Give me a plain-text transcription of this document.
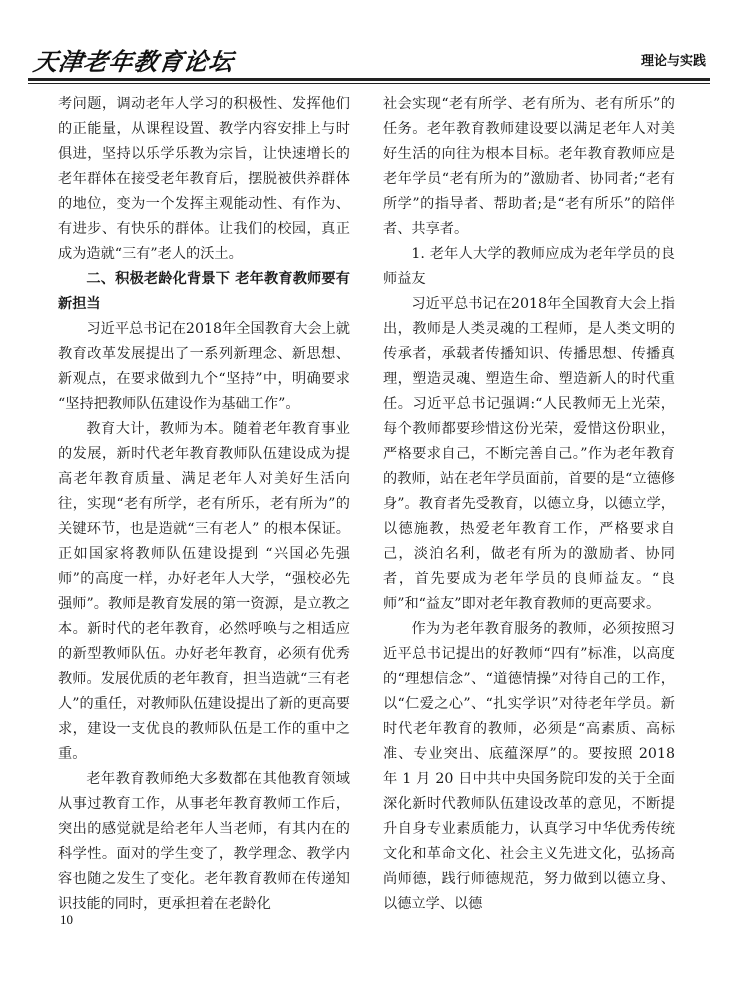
天津老年教育论坛	理论与实践

考问题，调动老年人学习的积极性、发挥他们的正能量，从课程设置、教学内容安排上与时俱进，坚持以乐学乐教为宗旨，让快速增长的老年群体在接受老年教育后，摆脱被供养群体的地位，变为一个发挥主观能动性、有作为、有进步、有快乐的群体。让我们的校园，真正成为造就“三有”老人的沃土。

二、积极老龄化背景下 老年教育教师要有新担当

习近平总书记在2018年全国教育大会上就教育改革发展提出了一系列新理念、新思想、新观点，在要求做到九个“坚持”中，明确要求 “坚持把教师队伍建设作为基础工作”。

教育大计，教师为本。随着老年教育事业的发展，新时代老年教育教师队伍建设成为提高老年教育质量、满足老年人对美好生活向往，实现“老有所学，老有所乐，老有所为”的关键环节，也是造就“三有老人” 的根本保证。正如国家将教师队伍建设提到 “兴国必先强师”的高度一样，办好老年人大学，“强校必先强师”。教师是教育发展的第一资源，是立教之本。新时代的老年教育，必然呼唤与之相适应的新型教师队伍。办好老年教育，必须有优秀教师。发展优质的老年教育，担当造就“三有老人”的重任，对教师队伍建设提出了新的更高要求，建设一支优良的教师队伍是工作的重中之重。

老年教育教师绝大多数都在其他教育领域从事过教育工作，从事老年教育教师工作后，突出的感觉就是给老年人当老师，有其内在的科学性。面对的学生变了，教学理念、教学内容也随之发生了变化。老年教育教师在传递知识技能的同时，更承担着在老龄化

社会实现“老有所学、老有所为、老有所乐”的任务。老年教育教师建设要以满足老年人对美好生活的向往为根本目标。老年教育教师应是老年学员“老有所为的”激励者、协同者;“老有所学”的指导者、帮助者;是“老有所乐”的陪伴者、共享者。

1. 老年人大学的教师应成为老年学员的良师益友

习近平总书记在2018年全国教育大会上指出，教师是人类灵魂的工程师，是人类文明的传承者，承载者传播知识、传播思想、传播真理，塑造灵魂、塑造生命、塑造新人的时代重任。习近平总书记强调:“人民教师无上光荣，每个教师都要珍惜这份光荣，爱惜这份职业，严格要求自己，不断完善自己。”作为老年教育的教师，站在老年学员面前，首要的是“立德修身”。教育者先受教育，以德立身，以德立学，以德施教，热爱老年教育工作，严格要求自己，淡泊名利，做老有所为的激励者、协同者，首先要成为老年学员的良师益友。“良师”和“益友”即对老年教育教师的更高要求。

作为为老年教育服务的教师，必须按照习近平总书记提出的好教师“四有”标准，以高度的“理想信念”、“道德情操”对待自己的工作，以“仁爱之心”、“扎实学识”对待老年学员。新时代老年教育的教师，必须是“高素质、高标准、专业突出、底蕴深厚”的。要按照 2018 年 1 月 20 日中共中央国务院印发的关于全面深化新时代教师队伍建设改革的意见，不断提升自身专业素质能力，认真学习中华优秀传统文化和革命文化、社会主义先进文化，弘扬高尚师德，践行师德规范，努力做到以德立身、以德立学、以德

10
